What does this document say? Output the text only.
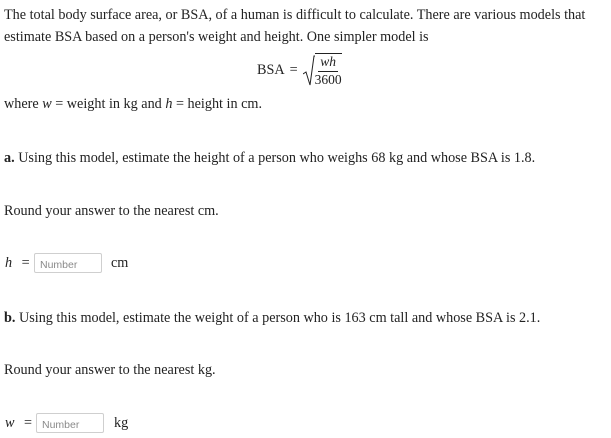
The total body surface area, or BSA, of a human is difficult to calculate. There are various models that
estimate BSA based on a person's weight and height. One simpler model is
BSA = $\frac{wh}{3600}$
where w = weight in kg and h = height in cm.
a. Using this model, estimate the height of a person who weighs 68 kg and whose BSA is 1.8.
Round your answer to the nearest cm.
h =
Number	cm
b. Using this model, estimate the weight of a person who is 163 cm tall and whose BSA is 2.1.
Round your answer to the nearest kg.
w =
Number	kg
